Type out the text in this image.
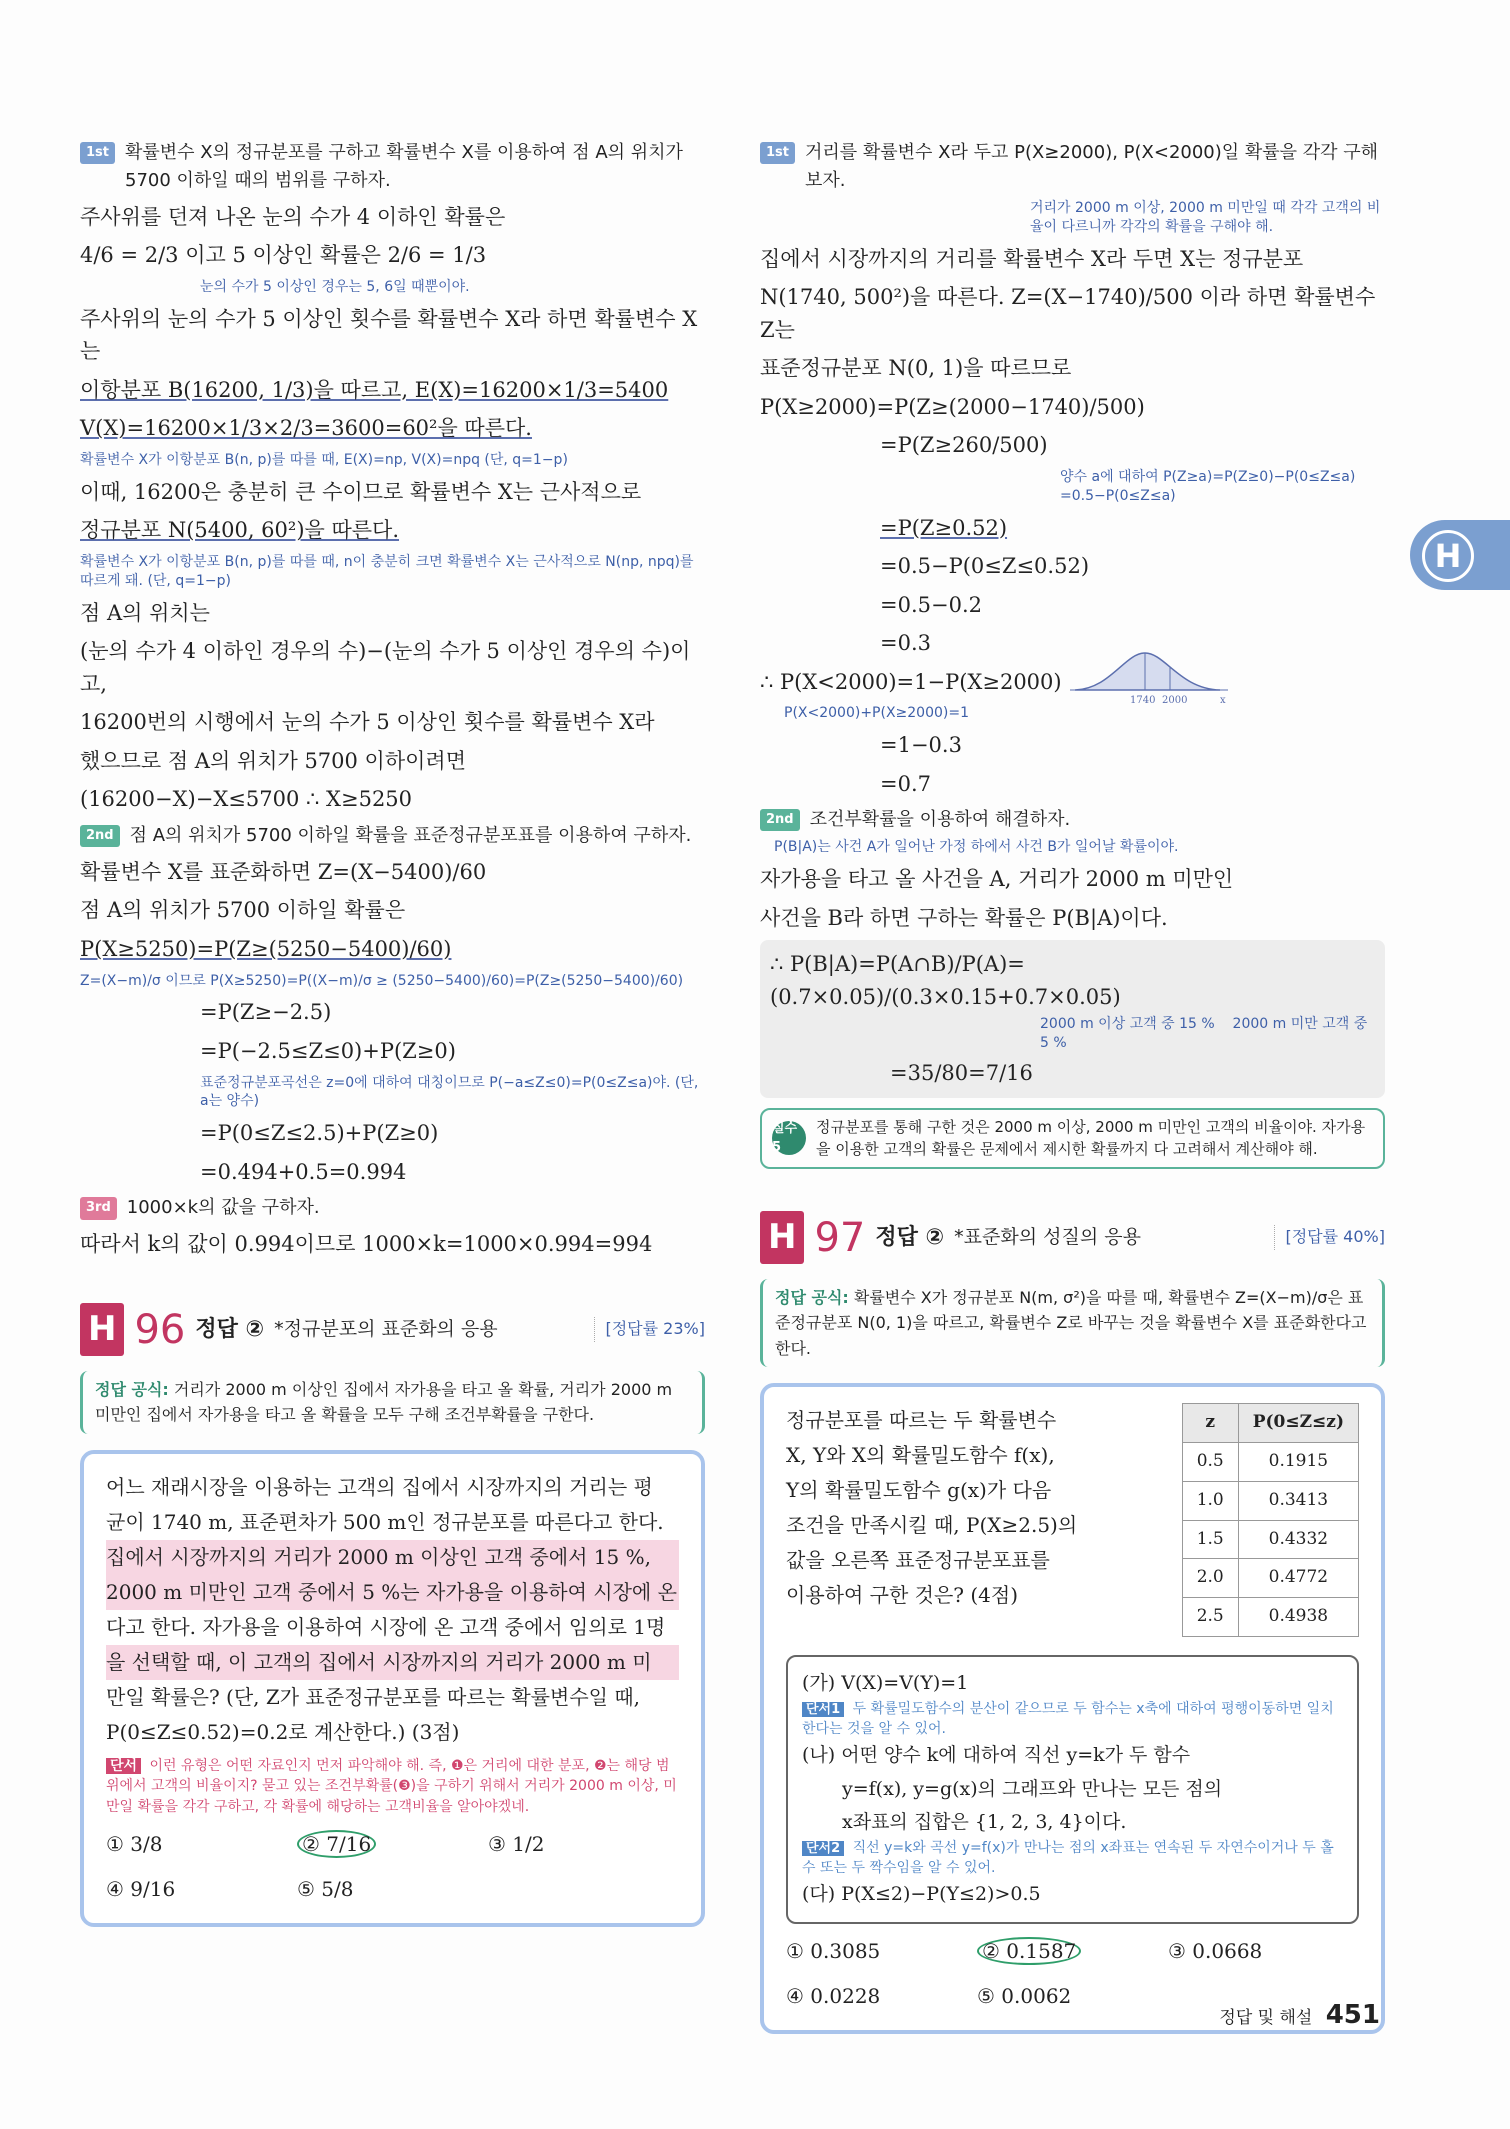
1st 확률변수 X의 정규분포를 구하고 확률변수 X를 이용하여 점 A의 위치가 5700 이하일 때의 범위를 구하자.
주사위를 던져 나온 눈의 수가 4 이하인 확률은
4/6 = 2/3 이고 5 이상인 확률은 2/6 = 1/3
눈의 수가 5 이상인 경우는 5, 6일 때뿐이야.
주사위의 눈의 수가 5 이상인 횟수를 확률변수 X라 하면 확률변수 X는
이항분포 B(16200, 1/3)을 따르고, E(X)=16200×1/3=5400
V(X)=16200×1/3×2/3=3600=60²을 따른다.
확률변수 X가 이항분포 B(n, p)를 따를 때, E(X)=np, V(X)=npq (단, q=1−p)
이때, 16200은 충분히 큰 수이므로 확률변수 X는 근사적으로
정규분포 N(5400, 60²)을 따른다.
확률변수 X가 이항분포 B(n, p)를 따를 때, n이 충분히 크면 확률변수 X는 근사적으로 N(np, npq)를 따르게 돼. (단, q=1−p)
점 A의 위치는
(눈의 수가 4 이하인 경우의 수)−(눈의 수가 5 이상인 경우의 수)이고,
16200번의 시행에서 눈의 수가 5 이상인 횟수를 확률변수 X라
했으므로 점 A의 위치가 5700 이하이려면
(16200−X)−X≤5700 ∴ X≥5250
2nd 점 A의 위치가 5700 이하일 확률을 표준정규분포표를 이용하여 구하자.
확률변수 X를 표준화하면 Z=(X−5400)/60
점 A의 위치가 5700 이하일 확률은
P(X≥5250)=P(Z≥(5250−5400)/60)
Z=(X−m)/σ 이므로 P(X≥5250)=P((X−m)/σ ≥ (5250−5400)/60)=P(Z≥(5250−5400)/60)
=P(Z≥−2.5)
=P(−2.5≤Z≤0)+P(Z≥0)
표준정규분포곡선은 z=0에 대하여 대칭이므로 P(−a≤Z≤0)=P(0≤Z≤a)야. (단, a는 양수)
=P(0≤Z≤2.5)+P(Z≥0)
=0.494+0.5=0.994
3rd 1000×k의 값을 구하자.
따라서 k의 값이 0.994이므로 1000×k=1000×0.994=994
H 96 정답 ② *정규분포의 표준화의 응용	[정답률 23%]
정답 공식: 거리가 2000 m 이상인 집에서 자가용을 타고 올 확률, 거리가 2000 m 미만인 집에서 자가용을 타고 올 확률을 모두 구해 조건부확률을 구한다.
어느 재래시장을 이용하는 고객의 집에서 시장까지의 거리는 평
균이 1740 m, 표준편차가 500 m인 정규분포를 따른다고 한다.
집에서 시장까지의 거리가 2000 m 이상인 고객 중에서 15 %,
2000 m 미만인 고객 중에서 5 %는 자가용을 이용하여 시장에 온
다고 한다. 자가용을 이용하여 시장에 온 고객 중에서 임의로 1명
을 선택할 때, 이 고객의 집에서 시장까지의 거리가 2000 m 미
만일 확률은? (단, Z가 표준정규분포를 따르는 확률변수일 때,
P(0≤Z≤0.52)=0.2로 계산한다.) (3점)
단서 이런 유형은 어떤 자료인지 먼저 파악해야 해. 즉, ❶은 거리에 대한 분포, ❷는 해당 범위에서 고객의 비율이지? 묻고 있는 조건부확률(❸)을 구하기 위해서 거리가 2000 m 이상, 미만일 확률을 각각 구하고, 각 확률에 해당하는 고객비율을 알아야겠네.
① 3/8	② 7/16	③ 1/2
④ 9/16	⑤ 5/8
1st 거리를 확률변수 X라 두고 P(X≥2000), P(X<2000)일 확률을 각각 구해 보자.
거리가 2000 m 이상, 2000 m 미만일 때 각각 고객의 비율이 다르니까 각각의 확률을 구해야 해.
집에서 시장까지의 거리를 확률변수 X라 두면 X는 정규분포
N(1740, 500²)을 따른다. Z=(X−1740)/500 이라 하면 확률변수 Z는
표준정규분포 N(0, 1)을 따르므로
P(X≥2000)=P(Z≥(2000−1740)/500)
=P(Z≥260/500)
양수 a에 대하여 P(Z≥a)=P(Z≥0)−P(0≤Z≤a) =0.5−P(0≤Z≤a)
=P(Z≥0.52)
=0.5−P(0≤Z≤0.52)
=0.5−0.2
=0.3
∴ P(X<2000)=1−P(X≥2000)
P(X<2000)+P(X≥2000)=1
=1−0.3
=0.7
2nd 조건부확률을 이용하여 해결하자.
P(B|A)는 사건 A가 일어난 가정 하에서 사건 B가 일어날 확률이야.
자가용을 타고 올 사건을 A, 거리가 2000 m 미만인
사건을 B라 하면 구하는 확률은 P(B|A)이다.
∴ P(B|A)=P(A∩B)/P(A)=(0.7×0.05)/(0.3×0.15+0.7×0.05)
2000 m 이상 고객 중 15 % 2000 m 미만 고객 중 5 %
=35/80=7/16
실수 5
정규분포를 통해 구한 것은 2000 m 이상, 2000 m 미만인 고객의 비율이야. 자가용을 이용한 고객의 확률은 문제에서 제시한 확률까지 다 고려해서 계산해야 해.
H 97 정답 ② *표준화의 성질의 응용	[정답률 40%]
정답 공식: 확률변수 X가 정규분포 N(m, σ²)을 따를 때, 확률변수 Z=(X−m)/σ은 표준정규분포 N(0, 1)을 따르고, 확률변수 Z로 바꾸는 것을 확률변수 X를 표준화한다고 한다.
정규분포를 따르는 두 확률변수
X, Y와 X의 확률밀도함수 f(x),
Y의 확률밀도함수 g(x)가 다음
조건을 만족시킬 때, P(X≥2.5)의
값을 오른쪽 표준정규분포표를
이용하여 구한 것은? (4점)
z	P(0≤Z≤z)
0.5	0.1915
1.0	0.3413
1.5	0.4332
2.0	0.4772
2.5	0.4938
(가) V(X)=V(Y)=1
단서1 두 확률밀도함수의 분산이 같으므로 두 함수는 x축에 대하여 평행이동하면 일치한다는 것을 알 수 있어.
(나) 어떤 양수 k에 대하여 직선 y=k가 두 함수
y=f(x), y=g(x)의 그래프와 만나는 모든 점의
x좌표의 집합은 {1, 2, 3, 4}이다.
단서2 직선 y=k와 곡선 y=f(x)가 만나는 점의 x좌표는 연속된 두 자연수이거나 두 홀수 또는 두 짝수임을 알 수 있어.
(다) P(X≤2)−P(Y≤2)>0.5
① 0.3085	② 0.1587	③ 0.0668
④ 0.0228	⑤ 0.0062
1740 2000	x
H
정답 및 해설 451
